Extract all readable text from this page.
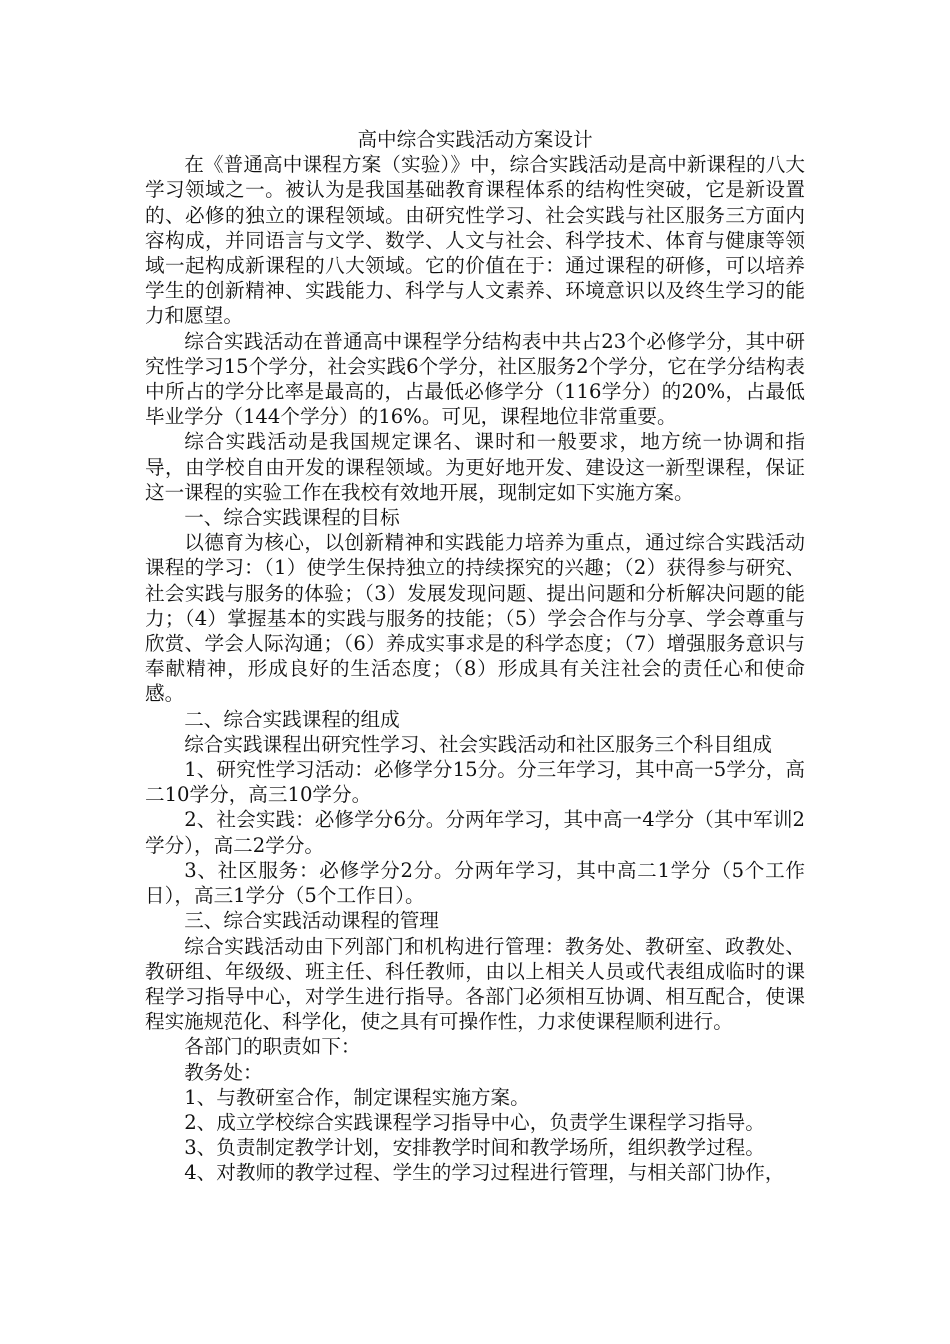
高中综合实践活动方案设计

在《普通高中课程方案（实验）》中，综合实践活动是高中新课程的八大学习领域之一。被认为是我国基础教育课程体系的结构性突破，它是新设置的、必修的独立的课程领域。由研究性学习、社会实践与社区服务三方面内容构成，并同语言与文学、数学、人文与社会、科学技术、体育与健康等领域一起构成新课程的八大领域。它的价值在于：通过课程的研修，可以培养学生的创新精神、实践能力、科学与人文素养、环境意识以及终生学习的能力和愿望。

综合实践活动在普通高中课程学分结构表中共占23个必修学分，其中研究性学习15个学分，社会实践6个学分，社区服务2个学分，它在学分结构表中所占的学分比率是最高的，占最低必修学分（116学分）的20%，占最低毕业学分（144个学分）的16%。可见，课程地位非常重要。

综合实践活动是我国规定课名、课时和一般要求，地方统一协调和指导，由学校自由开发的课程领域。为更好地开发、建设这一新型课程，保证这一课程的实验工作在我校有效地开展，现制定如下实施方案。

一、综合实践课程的目标

以德育为核心，以创新精神和实践能力培养为重点，通过综合实践活动课程的学习：（1）使学生保持独立的持续探究的兴趣；（2）获得参与研究、社会实践与服务的体验；（3）发展发现问题、提出问题和分析解决问题的能力；（4）掌握基本的实践与服务的技能；（5）学会合作与分享、学会尊重与欣赏、学会人际沟通；（6）养成实事求是的科学态度；（7）增强服务意识与奉献精神，形成良好的生活态度；（8）形成具有关注社会的责任心和使命感。

二、综合实践课程的组成

综合实践课程出研究性学习、社会实践活动和社区服务三个科目组成

1、研究性学习活动：必修学分15分。分三年学习，其中高一5学分，高二10学分，高三10学分。

2、社会实践：必修学分6分。分两年学习，其中高一4学分（其中军训2学分），高二2学分。

3、社区服务：必修学分2分。分两年学习，其中高二1学分（5个工作日），高三1学分（5个工作日）。

三、综合实践活动课程的管理

综合实践活动由下列部门和机构进行管理：教务处、教研室、政教处、教研组、年级级、班主任、科任教师，由以上相关人员或代表组成临时的课程学习指导中心，对学生进行指导。各部门必须相互协调、相互配合，使课程实施规范化、科学化，使之具有可操作性，力求使课程顺利进行。

各部门的职责如下：

教务处：

1、与教研室合作，制定课程实施方案。

2、成立学校综合实践课程学习指导中心，负责学生课程学习指导。

3、负责制定教学计划，安排教学时间和教学场所，组织教学过程。

4、对教师的教学过程、学生的学习过程进行管理，与相关部门协作，
